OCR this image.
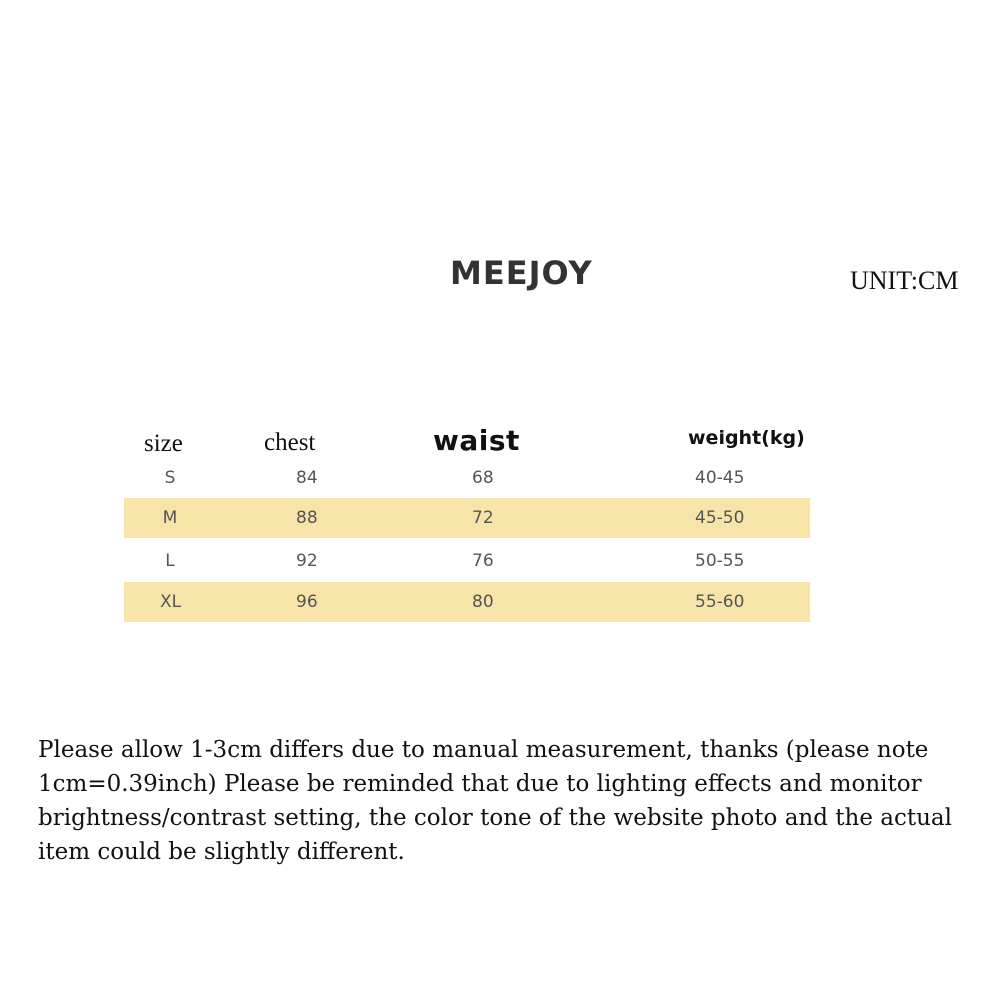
MEEJOY	UNIT:CM
size	chest	waist	weight(kg)
S	84	68	40-45
M	88	72	45-50
L	92	76	50-55
XL	96	80	55-60
Please allow 1-3cm differs due to manual measurement, thanks (please note 1cm=0.39inch) Please be reminded that due to lighting effects and monitor brightness/contrast setting, the color tone of the website photo and the actual item could be slightly different.
